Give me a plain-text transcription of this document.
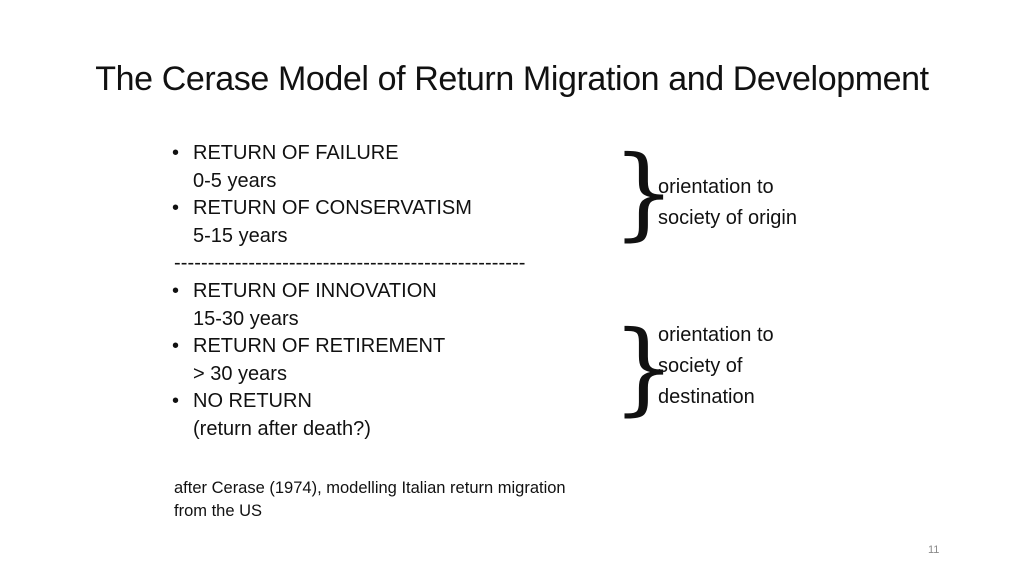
The Cerase Model of Return Migration and Development
• RETURN OF FAILURE
0-5 years
• RETURN OF CONSERVATISM
5-15 years
----------------------------------------------------
• RETURN OF INNOVATION
15-30 years
• RETURN OF RETIREMENT
> 30 years
• NO RETURN
(return after death?)
}
}
orientation to
society of origin
orientation to
society of
destination
after Cerase (1974), modelling Italian return migration from the US
11
